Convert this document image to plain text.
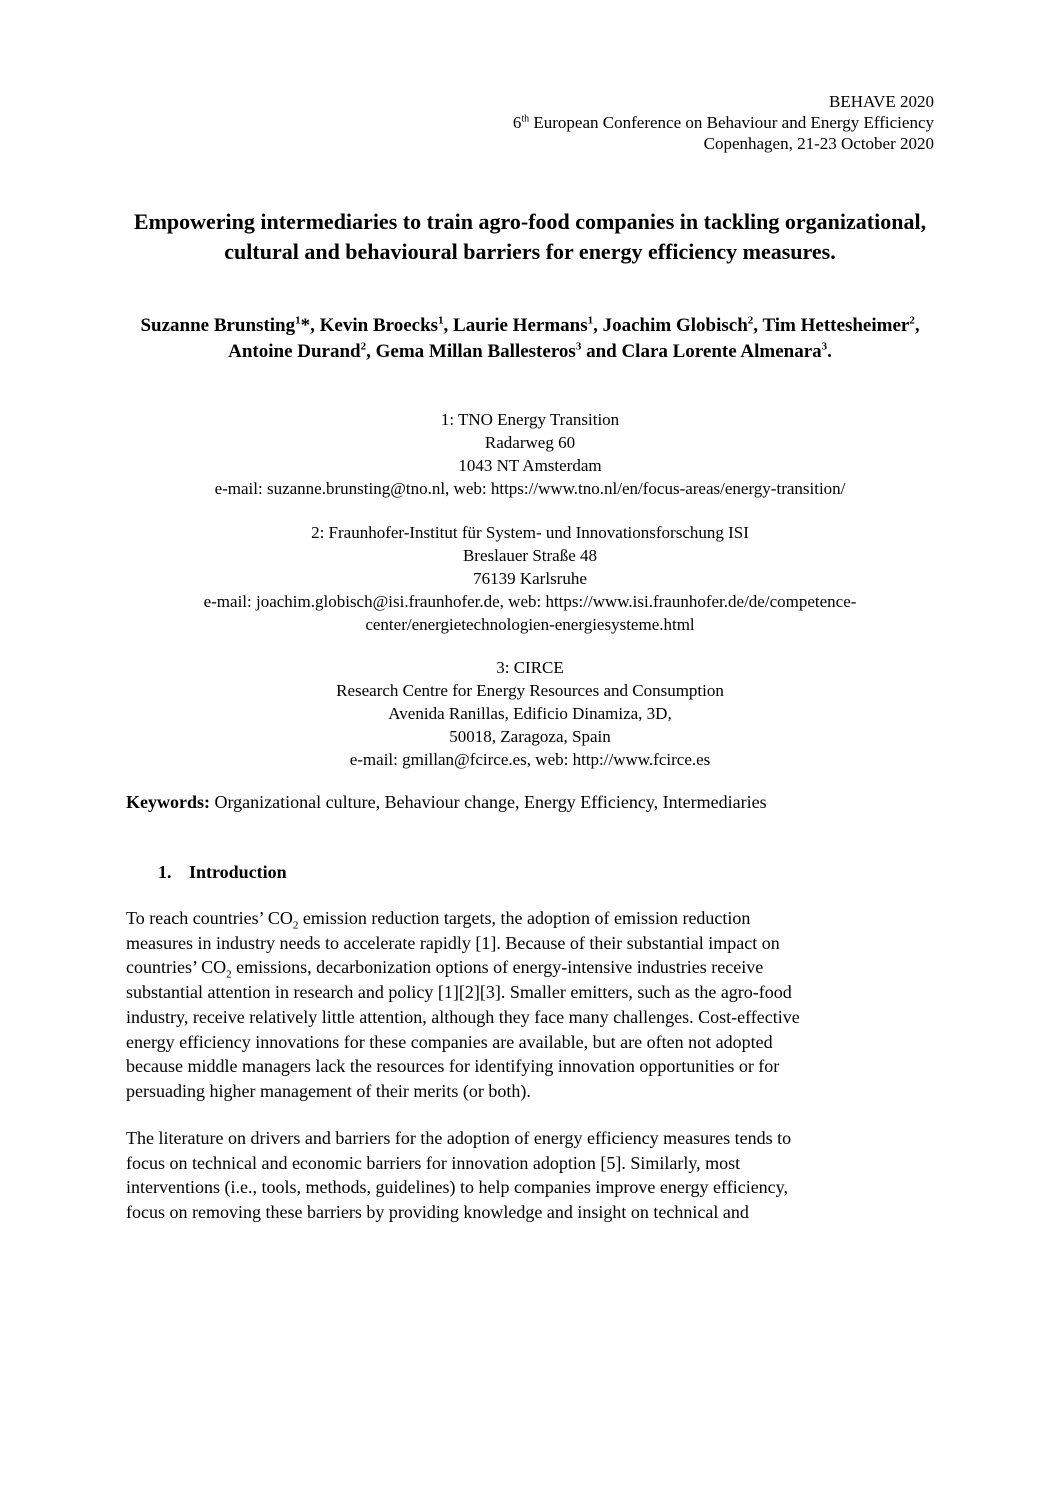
BEHAVE 2020
6th European Conference on Behaviour and Energy Efficiency
Copenhagen, 21-23 October 2020
Empowering intermediaries to train agro-food companies in tackling organizational, cultural and behavioural barriers for energy efficiency measures.
Suzanne Brunsting$^1$*, Kevin Broecks$^1$, Laurie Hermans$^1$, Joachim Globisch$^2$, Tim Hettesheimer$^2$, Antoine Durand$^2$, Gema Millan Ballesteros$^3$ and Clara Lorente Almenara$^3$.
1: TNO Energy Transition
Radarweg 60
1043 NT Amsterdam
e-mail: suzanne.brunsting@tno.nl, web: https://www.tno.nl/en/focus-areas/energy-transition/
2: Fraunhofer-Institut für System- und Innovationsforschung ISI
Breslauer Straße 48
76139 Karlsruhe
e-mail: joachim.globisch@isi.fraunhofer.de, web: https://www.isi.fraunhofer.de/de/competence-
center/energietechnologien-energiesysteme.html
3: CIRCE
Research Centre for Energy Resources and Consumption
Avenida Ranillas, Edificio Dinamiza, 3D,
50018, Zaragoza, Spain
e-mail: gmillan@fcirce.es, web: http://www.fcirce.es
Keywords: Organizational culture, Behaviour change, Energy Efficiency, Intermediaries
1. Introduction
To reach countries’ $CO_2$ emission reduction targets, the adoption of emission reduction
measures in industry needs to accelerate rapidly [1]. Because of their substantial impact on
countries’ $CO_2$ emissions, decarbonization options of energy-intensive industries receive
substantial attention in research and policy [1][2][3]. Smaller emitters, such as the agro-food
industry, receive relatively little attention, although they face many challenges. Cost-effective
energy efficiency innovations for these companies are available, but are often not adopted
because middle managers lack the resources for identifying innovation opportunities or for
persuading higher management of their merits (or both).
The literature on drivers and barriers for the adoption of energy efficiency measures tends to
focus on technical and economic barriers for innovation adoption [5]. Similarly, most
interventions (i.e., tools, methods, guidelines) to help companies improve energy efficiency,
focus on removing these barriers by providing knowledge and insight on technical and
